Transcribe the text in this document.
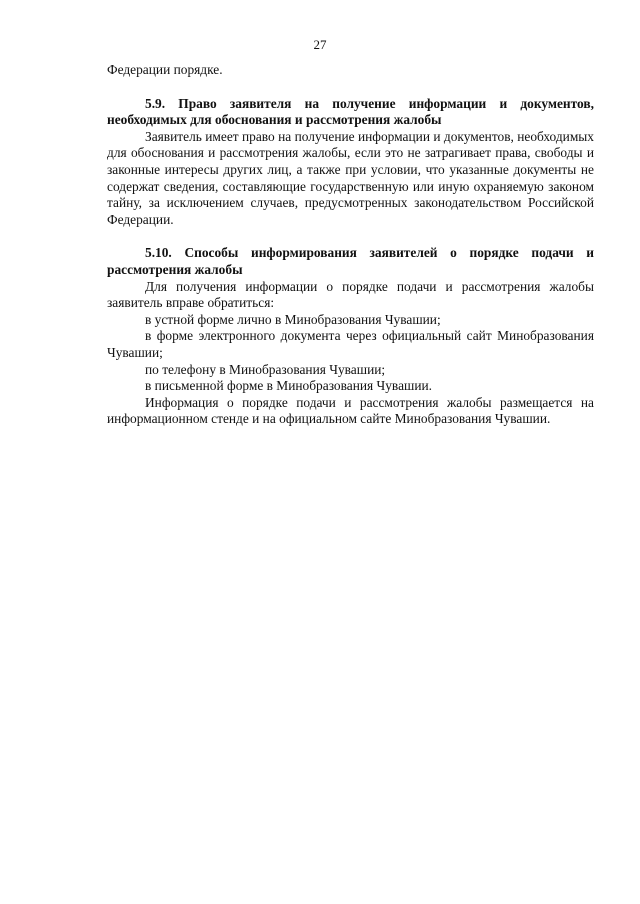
27

Федерации порядке.

5.9. Право заявителя на получение информации и документов, необходимых для обоснования и рассмотрения жалобы

Заявитель имеет право на получение информации и документов, необходимых для обоснования и рассмотрения жалобы, если это не затрагивает права, свободы и законные интересы других лиц, а также при условии, что указанные документы не содержат сведения, составляющие государственную или иную охраняемую законом тайну, за исключением случаев, предусмотренных законодательством Российской Федерации.

5.10. Способы информирования заявителей о порядке подачи и рассмотрения жалобы

Для получения информации о порядке подачи и рассмотрения жалобы заявитель вправе обратиться:

в устной форме лично в Минобразования Чувашии;

в форме электронного документа через официальный сайт Минобразования Чувашии;

по телефону в Минобразования Чувашии;

в письменной форме в Минобразования Чувашии.

Информация о порядке подачи и рассмотрения жалобы размещается на информационном стенде и на официальном сайте Минобразования Чувашии.
